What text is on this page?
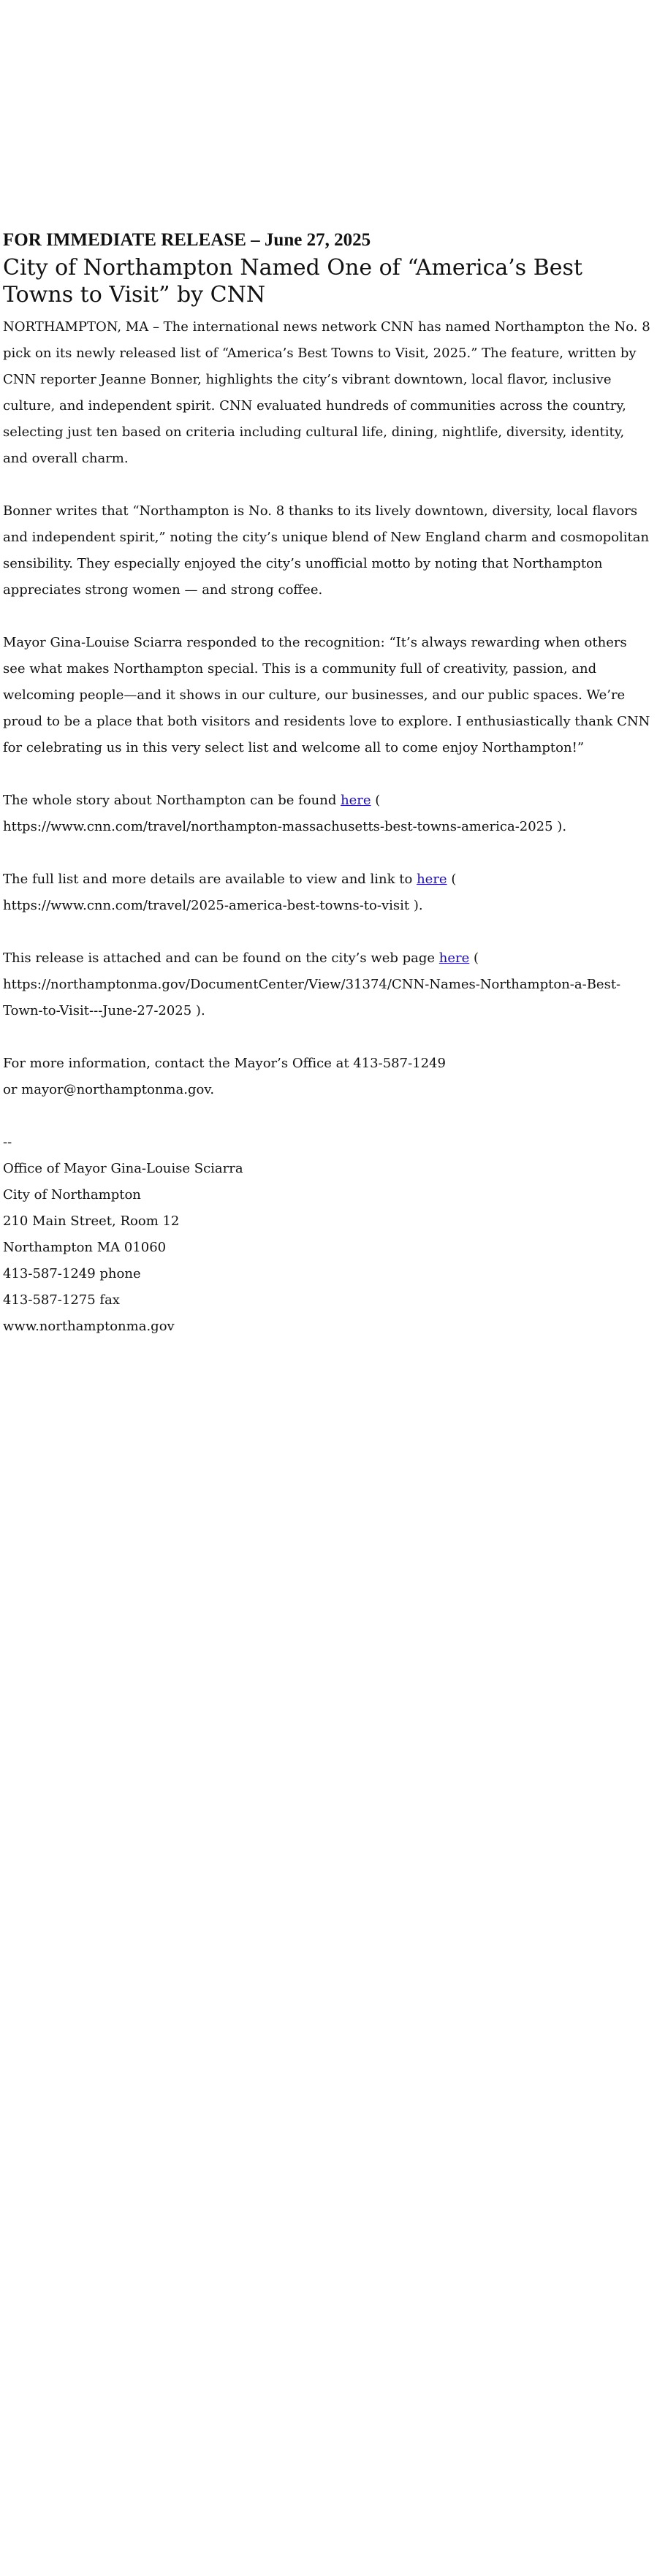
FOR IMMEDIATE RELEASE – June 27, 2025
City of Northampton Named One of “America’s Best Towns to Visit” by CNN

NORTHAMPTON, MA – The international news network CNN has named Northampton the No. 8 pick on its newly released list of “America’s Best Towns to Visit, 2025.” The feature, written by CNN reporter Jeanne Bonner, highlights the city’s vibrant downtown, local flavor, inclusive culture, and independent spirit. CNN evaluated hundreds of communities across the country, selecting just ten based on criteria including cultural life, dining, nightlife, diversity, identity, and overall charm.

Bonner writes that “Northampton is No. 8 thanks to its lively downtown, diversity, local flavors and independent spirit,” noting the city’s unique blend of New England charm and cosmopolitan sensibility. They especially enjoyed the city’s unofficial motto by noting that Northampton appreciates strong women — and strong coffee.

Mayor Gina-Louise Sciarra responded to the recognition: “It’s always rewarding when others see what makes Northampton special. This is a community full of creativity, passion, and welcoming people—and it shows in our culture, our businesses, and our public spaces. We’re proud to be a place that both visitors and residents love to explore. I enthusiastically thank CNN for celebrating us in this very select list and welcome all to come enjoy Northampton!”

The whole story about Northampton can be found here ( https://www.cnn.com/travel/northampton-massachusetts-best-towns-america-2025 ).

The full list and more details are available to view and link to here ( https://www.cnn.com/travel/2025-america-best-towns-to-visit ).

This release is attached and can be found on the city’s web page here ( https://northamptonma.gov/DocumentCenter/View/31374/CNN-Names-Northampton-a-Best-Town-to-Visit---June-27-2025 ).

For more information, contact the Mayor’s Office at 413-587-1249
or mayor@northamptonma.gov.

--
Office of Mayor Gina-Louise Sciarra
City of Northampton
210 Main Street, Room 12
Northampton MA 01060
413-587-1249 phone
413-587-1275 fax
www.northamptonma.gov
